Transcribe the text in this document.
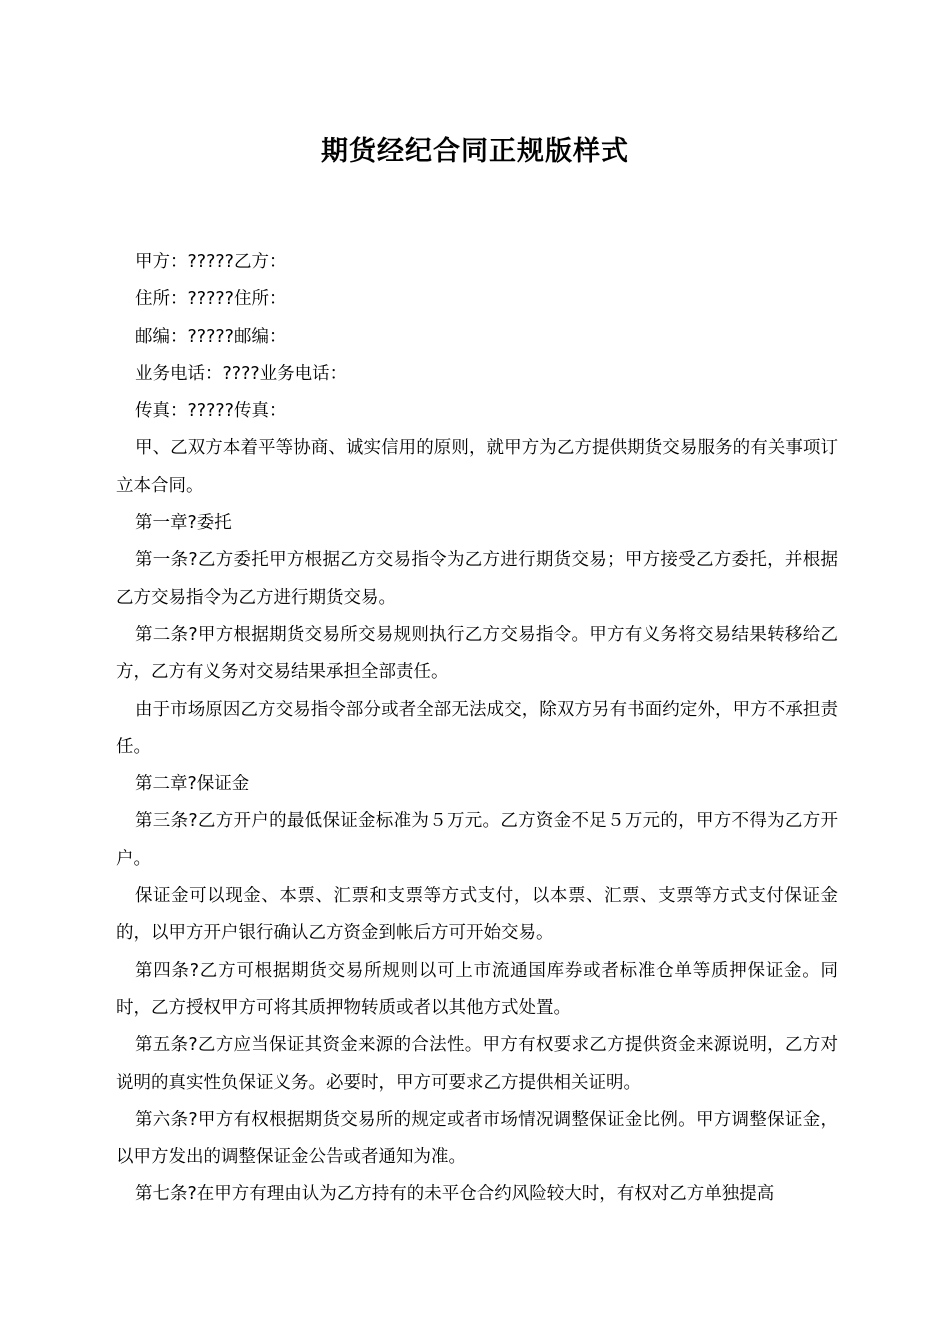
期货经纪合同正规版样式

甲方：?????乙方：

住所：?????住所：

邮编：?????邮编：

业务电话：????业务电话：

传真：?????传真：

甲、乙双方本着平等协商、诚实信用的原则，就甲方为乙方提供期货交易服务的有关事项订立本合同。

第一章?委托

第一条?乙方委托甲方根据乙方交易指令为乙方进行期货交易；甲方接受乙方委托，并根据乙方交易指令为乙方进行期货交易。

第二条?甲方根据期货交易所交易规则执行乙方交易指令。甲方有义务将交易结果转移给乙方，乙方有义务对交易结果承担全部责任。

由于市场原因乙方交易指令部分或者全部无法成交，除双方另有书面约定外，甲方不承担责任。

第二章?保证金

第三条?乙方开户的最低保证金标准为５万元。乙方资金不足５万元的，甲方不得为乙方开户。

保证金可以现金、本票、汇票和支票等方式支付，以本票、汇票、支票等方式支付保证金的，以甲方开户银行确认乙方资金到帐后方可开始交易。

第四条?乙方可根据期货交易所规则以可上市流通国库券或者标准仓单等质押保证金。同时，乙方授权甲方可将其质押物转质或者以其他方式处置。

第五条?乙方应当保证其资金来源的合法性。甲方有权要求乙方提供资金来源说明，乙方对说明的真实性负保证义务。必要时，甲方可要求乙方提供相关证明。

第六条?甲方有权根据期货交易所的规定或者市场情况调整保证金比例。甲方调整保证金，以甲方发出的调整保证金公告或者通知为准。

第七条?在甲方有理由认为乙方持有的未平仓合约风险较大时，有权对乙方单独提高
